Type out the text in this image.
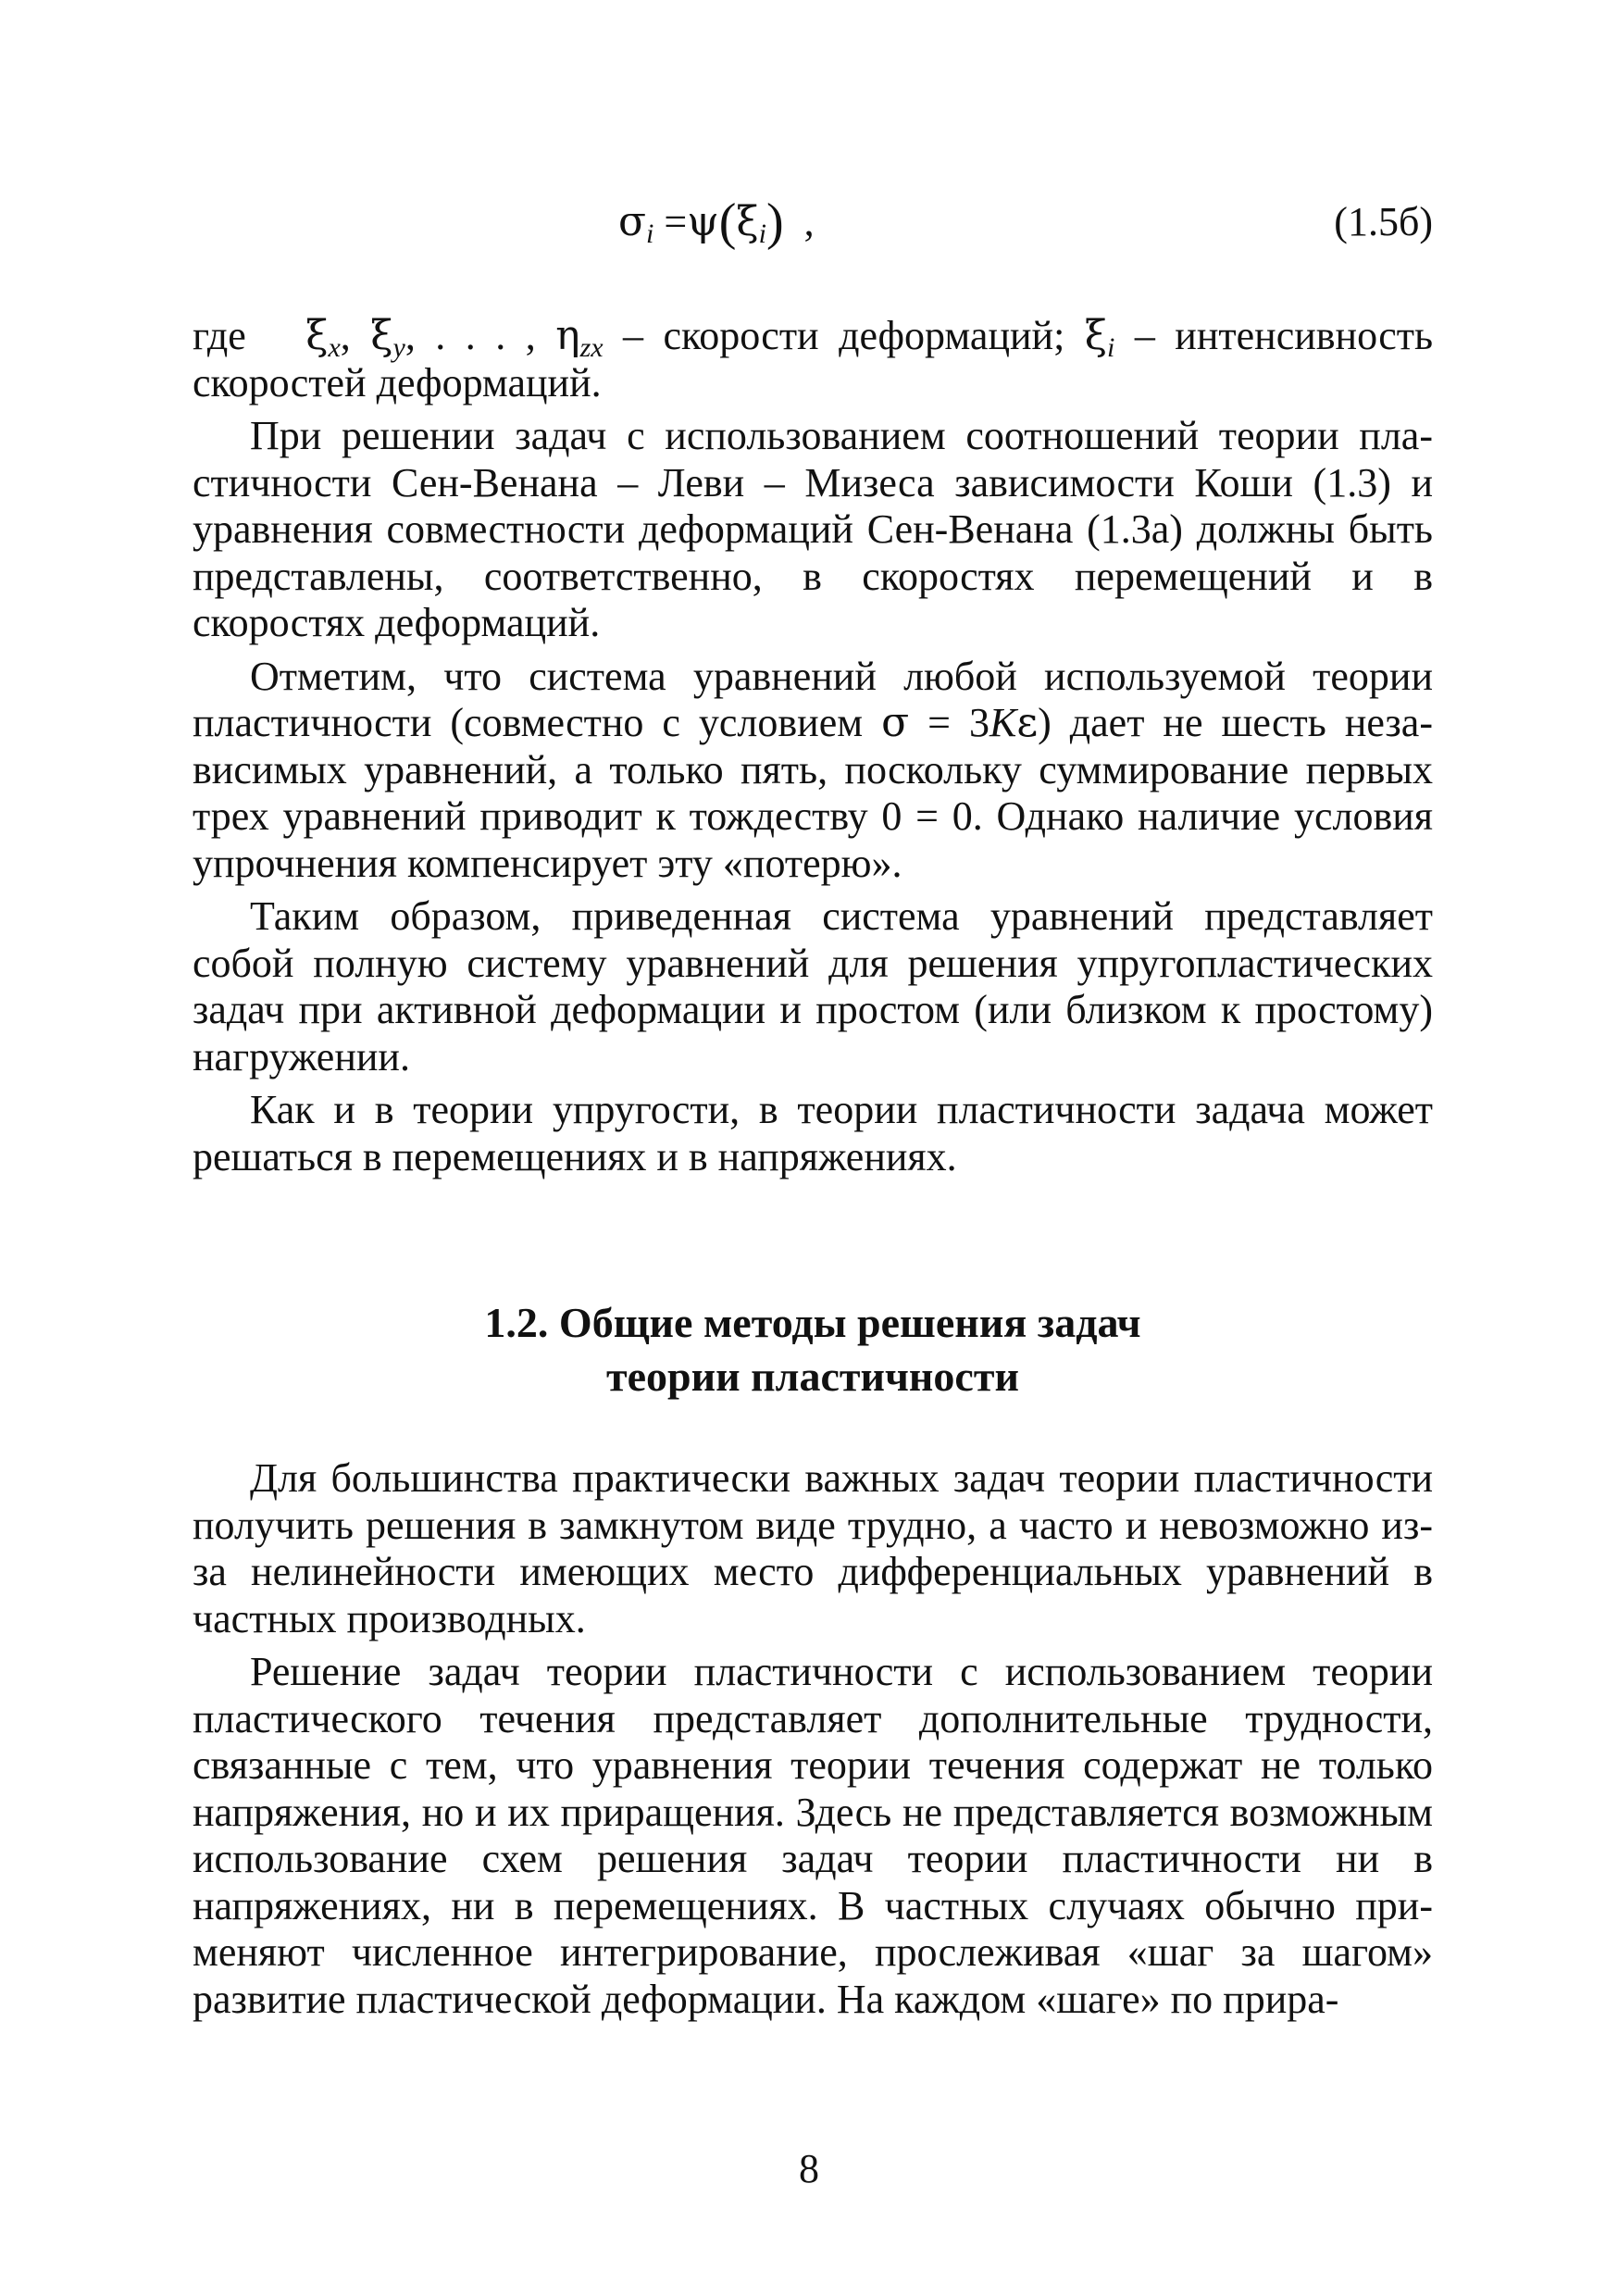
$\sigma_i =\psi(\xi_i)$ ,	(1.5б)

где $\xi_x$, $\xi_y$, . . . , $\eta_{zx}$ – скорости деформаций; $\xi_i$ – интенсивность скоростей деформаций.

При решении задач с использованием соотношений теории пластичности Сен-Венана – Леви – Мизеса зависимости Коши (1.3) и уравнения совместности деформаций Сен-Венана (1.3а) должны быть представлены, соответственно, в скоростях перемещений и в скоростях деформаций.

Отметим, что система уравнений любой используемой теории пластичности (совместно с условием σ = 3Kε) дает не шесть независимых уравнений, а только пять, поскольку суммирование первых трех уравнений приводит к тождеству 0 = 0. Однако наличие условия упрочнения компенсирует эту «потерю».

Таким образом, приведенная система уравнений представляет собой полную систему уравнений для решения упругопластических задач при активной деформации и простом (или близком к простому) нагружении.

Как и в теории упругости, в теории пластичности задача может решаться в перемещениях и в напряжениях.

1.2. Общие методы решения задач
теории пластичности

Для большинства практически важных задач теории пластичности получить решения в замкнутом виде трудно, а часто и невозможно из-за нелинейности имеющих место дифференциальных уравнений в частных производных.

Решение задач теории пластичности с использованием теории пластического течения представляет дополнительные трудности, связанные с тем, что уравнения теории течения содержат не только напряжения, но и их приращения. Здесь не представляется возможным использование схем решения задач теории пластичности ни в напряжениях, ни в перемещениях. В частных случаях обычно применяют численное интегрирование, прослеживая «шаг за шагом» развитие пластической деформации. На каждом «шаге» по прира-

8
